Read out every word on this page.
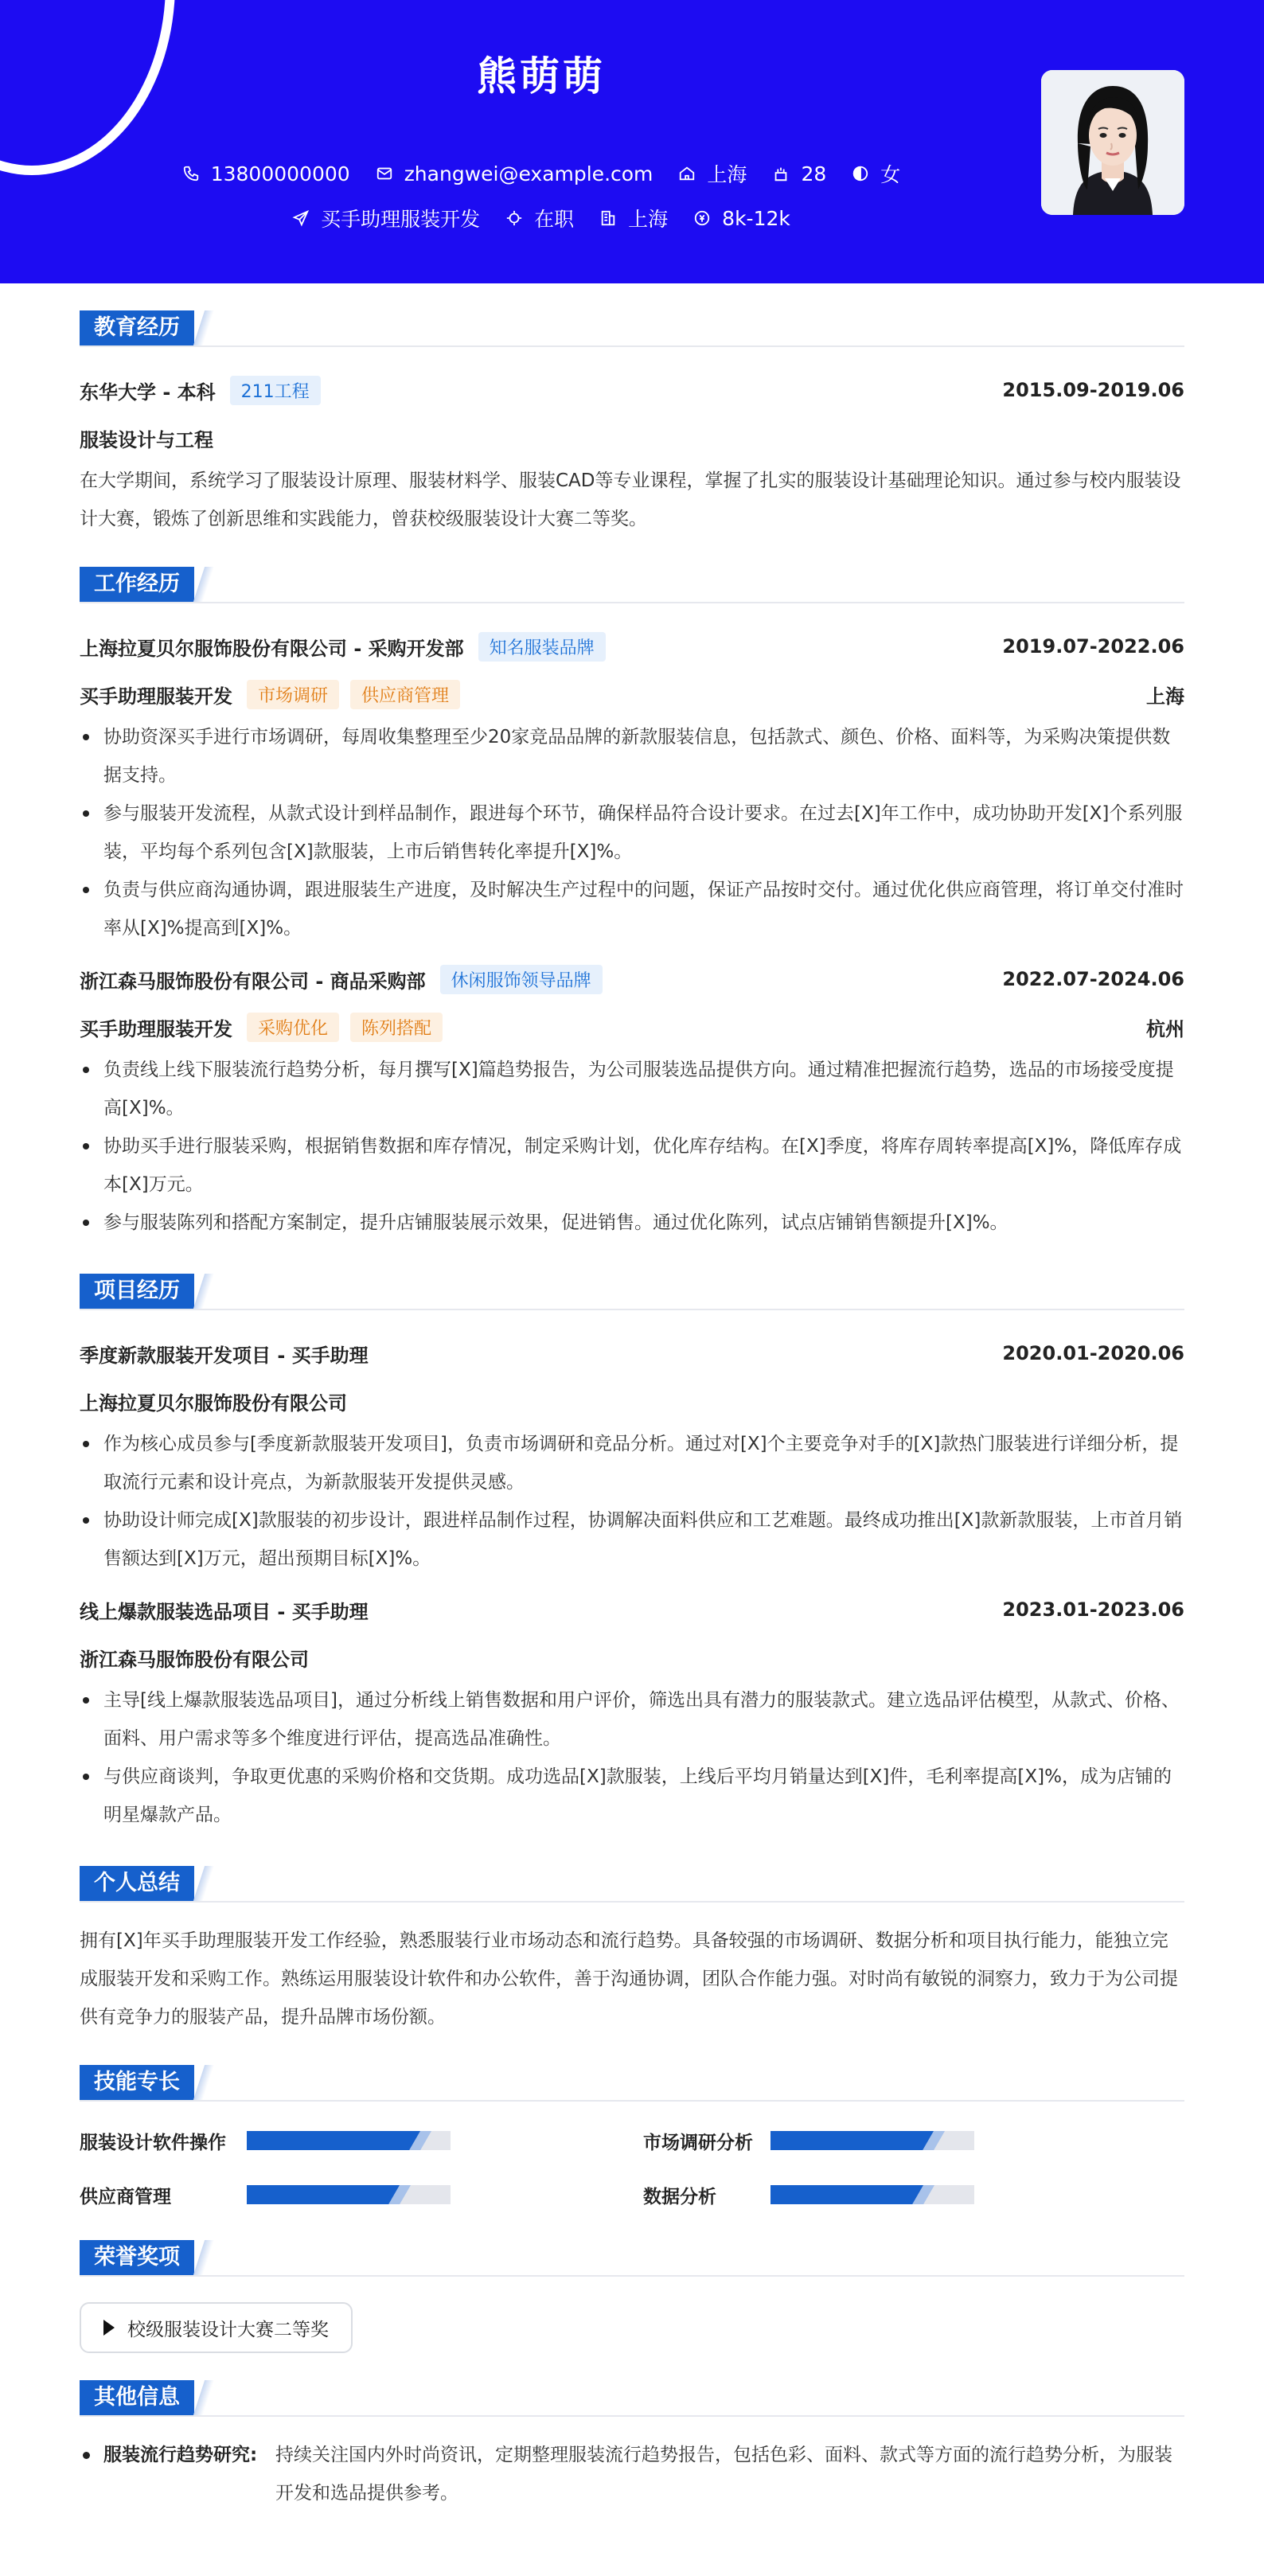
熊萌萌
13800000000	zhangwei@example.com	上海	28	女
买手助理服装开发	在职	上海	8k-12k
教育经历
东华大学 - 本科	211工程	2015.09-2019.06
服装设计与工程

在大学期间，系统学习了服装设计原理、服装材料学、服装CAD等专业课程，掌握了扎实的服装设计基础理论知识。通过参与校内服装设计大赛，锻炼了创新思维和实践能力，曾获校级服装设计大赛二等奖。

工作经历
上海拉夏贝尔服饰股份有限公司 - 采购开发部	知名服装品牌	2019.07-2022.06
买手助理服装开发	市场调研	供应商管理	上海
协助资深买手进行市场调研，每周收集整理至少20家竞品品牌的新款服装信息，包括款式、颜色、价格、面料等，为采购决策提供数据支持。
参与服装开发流程，从款式设计到样品制作，跟进每个环节，确保样品符合设计要求。在过去[X]年工作中，成功协助开发[X]个系列服装，平均每个系列包含[X]款服装，上市后销售转化率提升[X]%。
负责与供应商沟通协调，跟进服装生产进度，及时解决生产过程中的问题，保证产品按时交付。通过优化供应商管理，将订单交付准时率从[X]%提高到[X]%。
浙江森马服饰股份有限公司 - 商品采购部	休闲服饰领导品牌	2022.07-2024.06
买手助理服装开发	采购优化	陈列搭配	杭州
负责线上线下服装流行趋势分析，每月撰写[X]篇趋势报告，为公司服装选品提供方向。通过精准把握流行趋势，选品的市场接受度提高[X]%。
协助买手进行服装采购，根据销售数据和库存情况，制定采购计划，优化库存结构。在[X]季度，将库存周转率提高[X]%，降低库存成本[X]万元。
参与服装陈列和搭配方案制定，提升店铺服装展示效果，促进销售。通过优化陈列，试点店铺销售额提升[X]%。
项目经历
季度新款服装开发项目 - 买手助理	2020.01-2020.06
上海拉夏贝尔服饰股份有限公司
作为核心成员参与[季度新款服装开发项目]，负责市场调研和竞品分析。通过对[X]个主要竞争对手的[X]款热门服装进行详细分析，提取流行元素和设计亮点，为新款服装开发提供灵感。
协助设计师完成[X]款服装的初步设计，跟进样品制作过程，协调解决面料供应和工艺难题。最终成功推出[X]款新款服装，上市首月销售额达到[X]万元，超出预期目标[X]%。
线上爆款服装选品项目 - 买手助理	2023.01-2023.06
浙江森马服饰股份有限公司
主导[线上爆款服装选品项目]，通过分析线上销售数据和用户评价，筛选出具有潜力的服装款式。建立选品评估模型，从款式、价格、面料、用户需求等多个维度进行评估，提高选品准确性。
与供应商谈判，争取更优惠的采购价格和交货期。成功选品[X]款服装，上线后平均月销量达到[X]件，毛利率提高[X]%，成为店铺的明星爆款产品。
个人总结

拥有[X]年买手助理服装开发工作经验，熟悉服装行业市场动态和流行趋势。具备较强的市场调研、数据分析和项目执行能力，能独立完成服装开发和采购工作。熟练运用服装设计软件和办公软件，善于沟通协调，团队合作能力强。对时尚有敏锐的洞察力，致力于为公司提供有竞争力的服装产品，提升品牌市场份额。

技能专长
服装设计软件操作	市场调研分析
供应商管理	数据分析
荣誉奖项
校级服装设计大赛二等奖
其他信息
服装流行趋势研究: 持续关注国内外时尚资讯，定期整理服装流行趋势报告，包括色彩、面料、款式等方面的流行趋势分析，为服装开发和选品提供参考。
